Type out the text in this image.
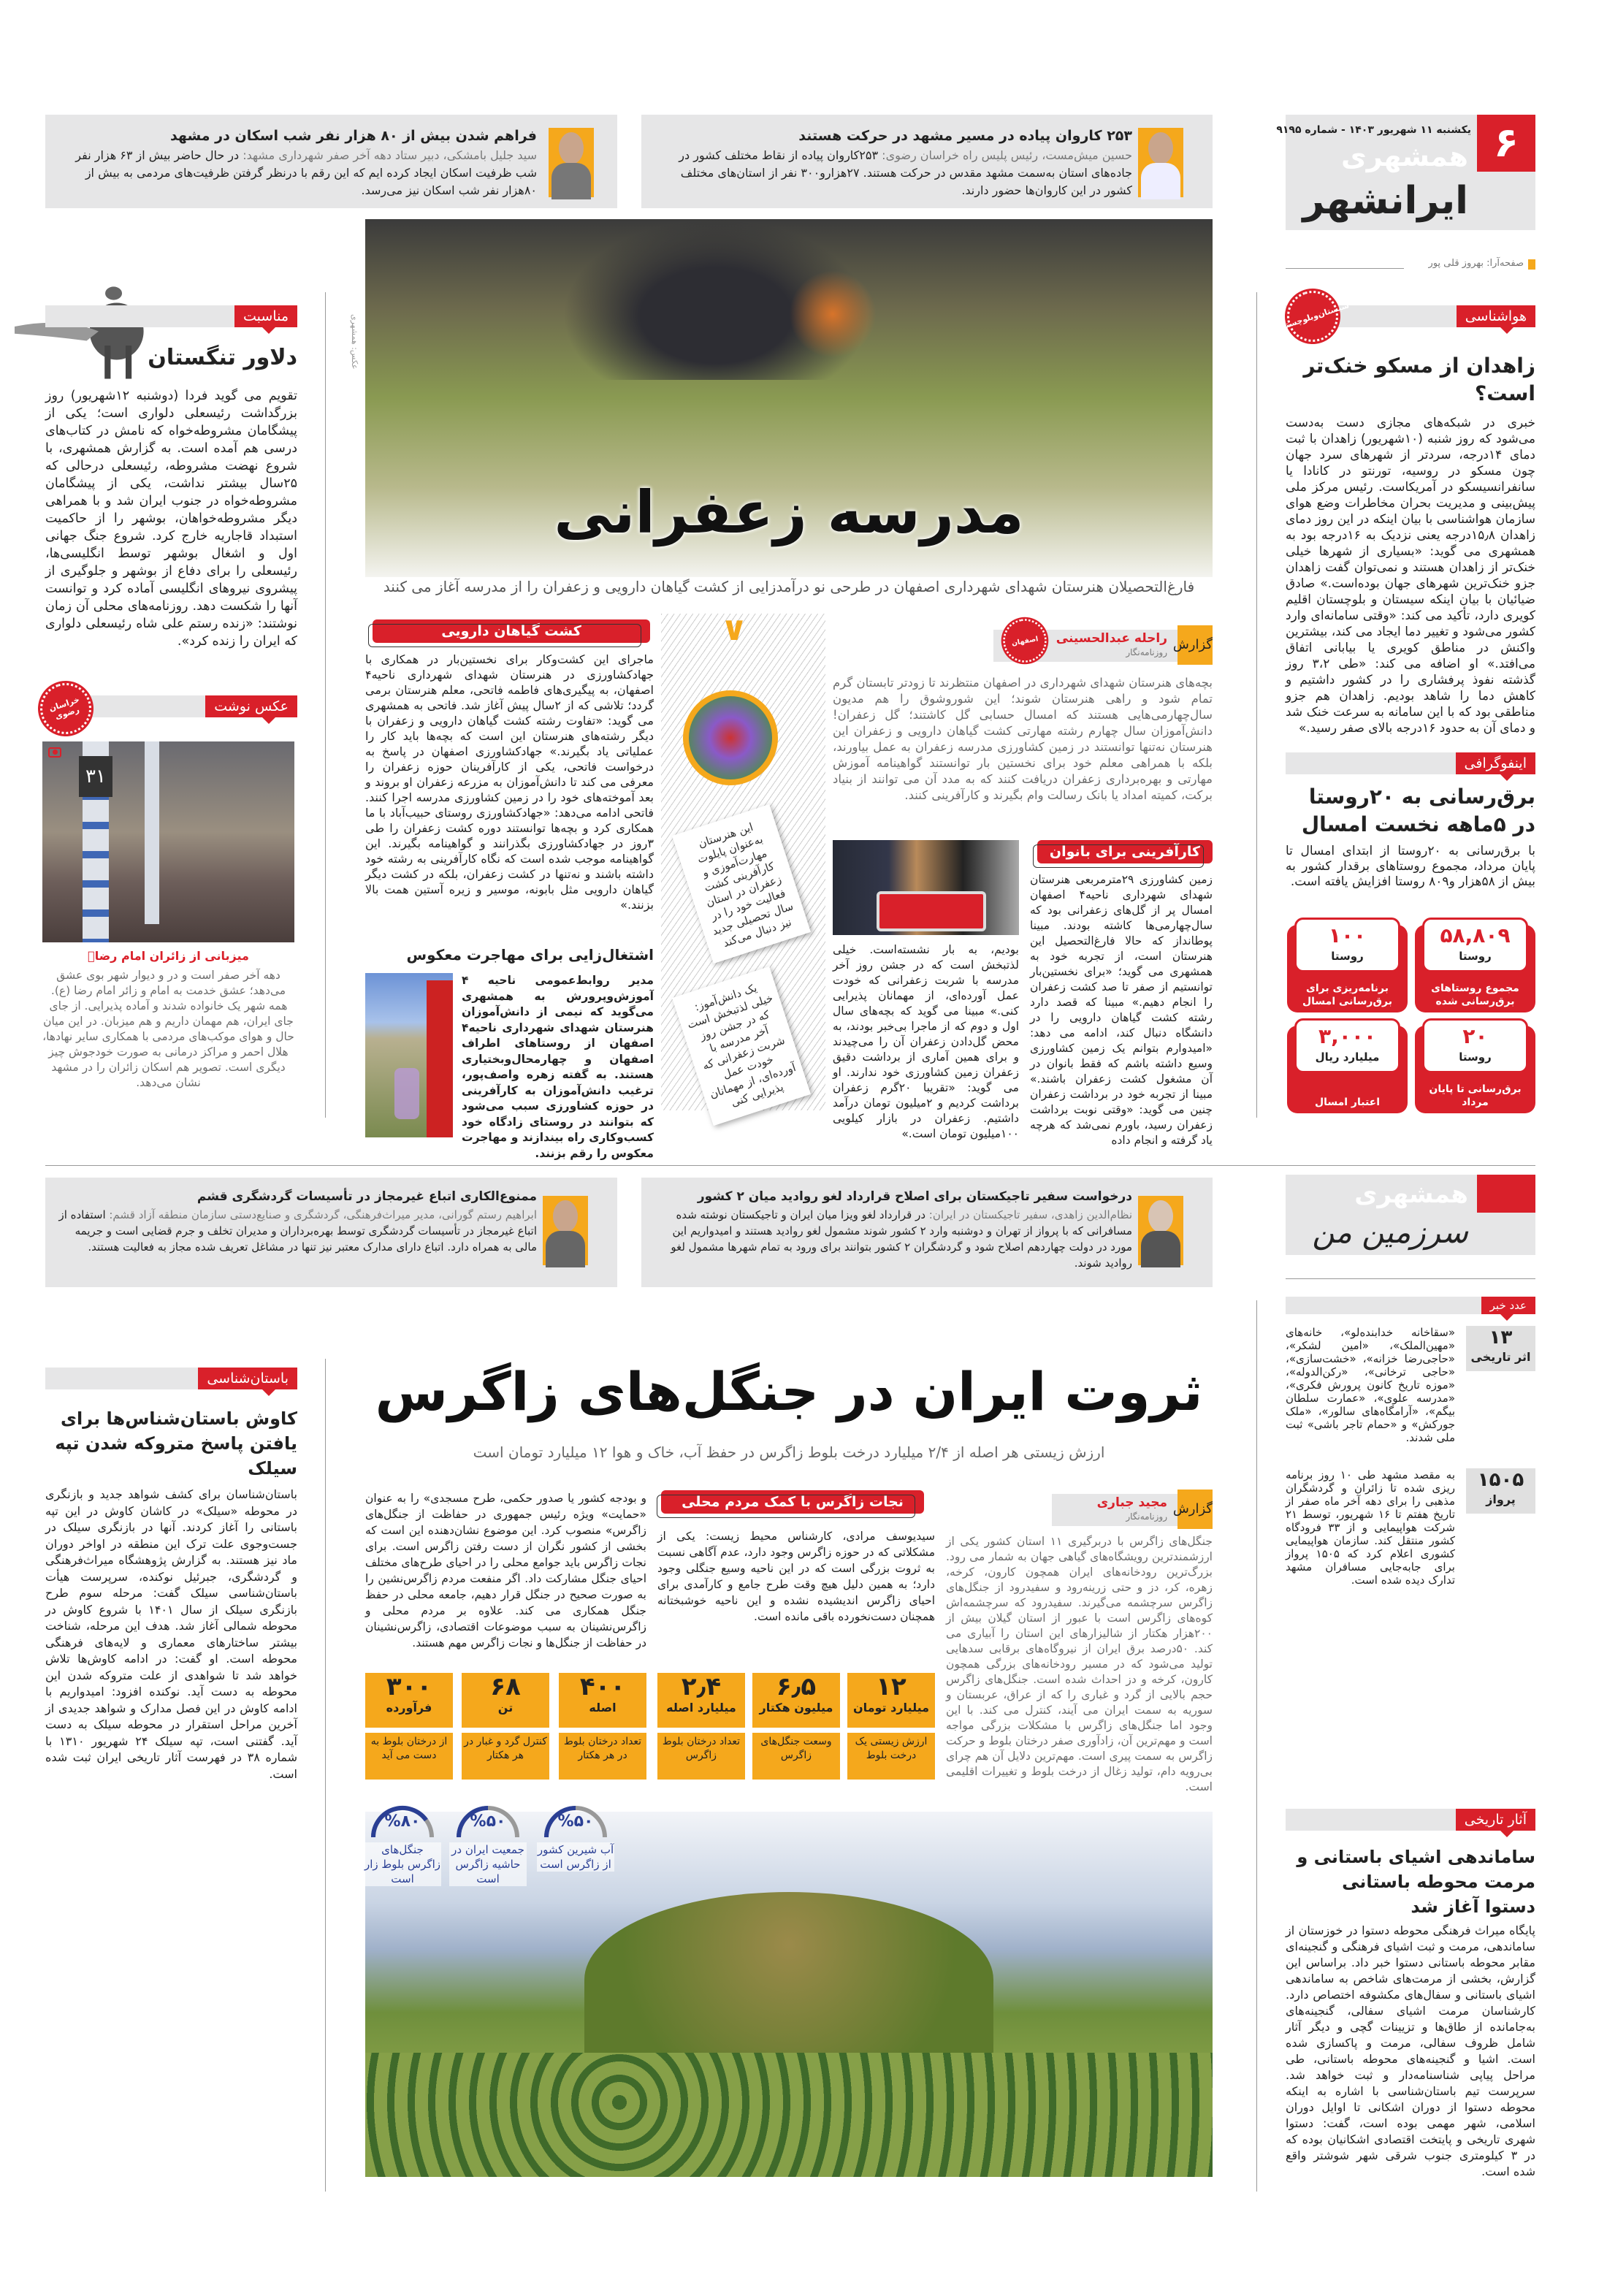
۶
یکشنبه ۱۱ شهریور ۱۴۰۳ - شماره ۹۱۹۵
همشهری
ایرانشهر
صفحه‌آرا: بهروز قلی پور
۲۵۳ کاروان پیاده در مسیر مشهد در حرکت هستند
حسین میش‌مست، رئیس پلیس راه خراسان رضوی: ۲۵۳کاروان پیاده از نقاط مختلف کشور در جاده‌های استان به‌سمت مشهد مقدس در حرکت هستند. ۲۷هزارو۳۰۰ نفر از استان‌های مختلف کشور در این کاروان‌ها حضور دارند.
فراهم شدن بیش از ۸۰ هزار نفر شب اسکان در مشهد
سید جلیل بامشکی، دبیر ستاد دهه آخر صفر شهرداری مشهد: در حال حاضر بیش از ۶۳ هزار نفر شب ظرفیت اسکان ایجاد کرده ایم که این رقم با درنظر گرفتن ظرفیت‌های مردمی به بیش از ۸۰هزار نفر شب اسکان نیز می‌رسد.
هواشناسی
سیستان‌وبلوچستان
زاهدان از مسکو خنک‌تر است؟
خبری در شبکه‌های مجازی دست به‌دست می‌شود که روز شنبه (۱۰شهریور) زاهدان با ثبت دمای ۱۴درجه، سردتر از شهرهای سرد جهان چون مسکو در روسیه، تورنتو در کانادا یا سانفرانسیسکو در آمریکاست. رئیس مرکز ملی پیش‌بینی و مدیریت بحران مخاطرات وضع هوای سازمان هواشناسی با بیان اینکه در این روز دمای زاهدان ۱۵٫۸درجه یعنی نزدیک به ۱۶درجه بود به همشهری می گوید: «بسیاری از شهرها خیلی خنک‌تر از زاهدان هستند و نمی‌توان گفت زاهدان جزو خنک‌ترین شهرهای جهان بوده‌است.» صادق ضیائیان با بیان اینکه سیستان و بلوچستان اقلیم کویری دارد، تأکید می کند: «وقتی سامانه‌ای وارد کشور می‌شود و تغییر دما ایجاد می کند، بیشترین واکنش در مناطق کویری یا بیابانی اتفاق می‌افتد.» او اضافه می کند: «طی ۳،۲ روز گذشته نفوذ پرفشاری را در کشور داشتیم و کاهش دما را شاهد بودیم. زاهدان هم جزو مناطقی بود که با این سامانه به سرعت خنک شد و دمای آن به حدود ۱۶درجه بالای صفر رسید.»
اینفوگرافی
برق‌رسانی به ۲۰روستا در ۵ماهه نخست امسال
با برق‌رسانی به ۲۰روستا از ابتدای امسال تا پایان مرداد، مجموع روستاهای برقدار کشور به بیش از ۵۸هزار و۸۰۹ روستا افزایش یافته است.
۵۸,۸۰۹
روستا
مجموع روستاهای برق‌رسانی شده
۱۰۰
روستا
برنامه‌ریزی برای برق‌رسانی امسال
۲۰
روستا
برق‌رسانی تا پایان مرداد
۳,۰۰۰
میلیارد ریال
اعتبار امسال
مناسبت
دلاور تنگستان
تقویم می گوید فردا (دوشنبه ۱۲شهریور) روز بزرگداشت رئیسعلی دلواری است؛ یکی از پیشگامان مشروطه‌خواه که نامش در کتاب‌های درسی هم آمده است. به گزارش همشهری، با شروع نهضت مشروطه، رئیسعلی درحالی که ۲۵سال بیشتر نداشت، یکی از پیشگامان مشروطه‌خواه در جنوب ایران شد و با همراهی دیگر مشروطه‌خواهان، بوشهر را از حاکمیت استبداد قاجاریه خارج کرد. شروع جنگ جهانی اول و اشغال بوشهر توسط انگلیسی‌ها، رئیسعلی را برای دفاع از بوشهر و جلوگیری از پیشروی نیروهای انگلیسی آماده کرد و توانست آنها را شکست دهد. روزنامه‌های محلی آن زمان نوشتند: «زنده رستم علی شاه رئیسعلی دلواری که ایران را زنده کرد».
عکس نوشت
خراسان رضوی
۳۱
میزبانی از زائران امام رضاؑ
دهه آخر صفر است و در و دیوار شهر بوی عشق می‌دهد؛ عشق خدمت به امام و زائر امام رضا (ع). همه شهر یک خانواده شدند و آماده پذیرایی. از جای جای ایران، هم مهمان داریم و هم میزبان. در این میان حال و هوای موکب‌های مردمی با همکاری سایر نهادها، هلال احمر و مراکز درمانی به صورت خودجوش چیز دیگری است. تصویر هم اسکان زائران را در مشهد نشان می‌دهد.
عکس: همشهری
مدرسه زعفرانی
فارغ‌التحصیلان هنرستان شهدای شهرداری اصفهان در طرحی نو درآمدزایی از کشت گیاهان دارویی و زعفران را از مدرسه آغاز می کنند
گزارش
راحله عبدالحسینی
روزنامه‌نگار
اصفهان
بچه‌های هنرستان شهدای شهرداری در اصفهان منتظرند تا زودتر تابستان گرم تمام شود و راهی هنرستان شوند؛ این شوروشوق را هم مدیون سال‌چهارمی‌هایی هستند که امسال حسابی گل کاشتند؛ گل زعفران! دانش‌آموزان سال چهارم رشته مهارتی کشت گیاهان دارویی و زعفران این هنرستان نه‌تنها توانستند در زمین کشاورزی مدرسه زعفران به عمل بیاورند، بلکه با همراهی معلم خود برای نخستین بار توانستند گواهینامه آموزش مهارتی و بهره‌برداری زعفران دریافت کنند که به مدد آن می توانند از بنیاد برکت، کمیته امداد یا بانک رسالت وام بگیرند و کارآفرینی کنند.
کشت گیاهان دارویی
ماجرای این کشت‌وکار برای نخستین‌بار در همکاری با جهادکشاورزی در هنرستان شهدای شهرداری ناحیه۴ اصفهان، به پیگیری‌های فاطمه فاتحی، معلم هنرستان برمی گردد؛ تلاشی که از ۲سال پیش آغاز شد. فاتحی به همشهری می گوید: «تفاوت رشته کشت گیاهان دارویی و زعفران با دیگر رشته‌های هنرستان این است که بچه‌ها باید کار را عملیاتی یاد بگیرند.» جهادکشاورزی اصفهان در پاسخ به درخواست فاتحی، یکی از کارآفرینان حوزه زعفران را معرفی می کند تا دانش‌آموزان به مزرعه زعفران او بروند و بعد آموخته‌های خود را در زمین کشاورزی مدرسه اجرا کنند. فاتحی ادامه می‌دهد: «جهادکشاورزی روستای حبیب‌آباد با ما همکاری کرد و بچه‌ها توانستند دوره کشت زعفران را طی ۳روز در جهادکشاورزی بگذرانند و گواهینامه بگیرند. این گواهینامه موجب شده است که نگاه کارآفرینی به رشته خود داشته باشند و نه‌تنها در کشت زعفران، بلکه در کشت دیگر گیاهان دارویی مثل بابونه، موسیر و زیره آستین همت بالا بزنند.»
اشتغال‌زایی برای مهاجرت معکوس
مدیر روابط‌عمومی ناحیه ۴ آموزش‌وپرورش به همشهری می‌گوید که نیمی از دانش‌آموزان هنرستان شهدای شهرداری ناحیه۴ اصفهان از روستاهای اطراف اصفهان و چهارمحال‌وبختیاری هستند. به گفته زهره واصف‌پور، ترغیب دانش‌آموزان به کارآفرینی در حوزه کشاورزی سبب می‌شود که بتوانند در روستای زادگاه خود کسب‌وکاری راه بیندازند و مهاجرت معکوس را رقم بزنند.
∨
این هنرستان به‌عنوان پایلوت مهارت‌آموزی و کارآفرینی کشت زعفران در استان فعالیت خود را در سال تحصیلی جدید نیز دنبال می‌کند
یک دانش‌آموز: خیلی لذتبخش است که در جشن روز آخر مدرسه با شربت زعفرانی که خودت عمل آورده‌ای، از مهمانان پذیرایی کنی
بودیم، به بار نشسته‌است. خیلی لذتبخش است که در جشن روز آخر مدرسه با شربت زعفرانی که خودت عمل آورده‌ای، از مهمانان پذیرایی کنی.» مبینا می گوید که بچه‌های سال اول و دوم که از ماجرا بی‌خبر بودند، به محض گل‌دادن زعفران آن را می‌چیدند و برای همین آماری از برداشت دقیق زعفران زمین کشاورزی خود ندارند. او می گوید: «تقریبا ۲۰گرم زعفران برداشت کردیم و ۲میلیون تومان درآمد داشتیم. زعفران در بازار کیلویی ۱۰۰میلیون تومان است.»
کارآفرینی برای بانوان
زمین کشاورزی ۲۹مترمربعی هنرستان شهدای شهرداری ناحیه۴ اصفهان امسال پر از گل‌های زعفرانی بود که سال‌چهارمی‌ها کاشته بودند. مبینا پوطانداز که حالا فارغ‌التحصیل این هنرستان است، از تجربه خود به همشهری می گوید؛ «برای نخستین‌بار توانستیم از صفر تا صد کشت زعفران را انجام دهیم.» مبینا که قصد دارد رشته کشت گیاهان دارویی را در دانشگاه دنبال کند، ادامه می دهد: «امیدوارم بتوانم یک زمین کشاورزی وسیع داشته باشم که فقط بانوان در آن مشغول کشت زعفران باشند.» مبینا از تجربه خود در برداشت زعفران چنین می گوید: «وقتی نوبت برداشت زعفران رسید، باورم نمی‌شد که هرچه یاد گرفته و انجام داده
همشهری
سرزمین من
درخواست سفیر تاجیکستان برای اصلاح قرارداد لغو روادید میان ۲ کشور
نظام‌الدین زاهدی، سفیر تاجیکستان در ایران: در قرارداد لغو ویزا میان ایران و تاجیکستان نوشته شده مسافرانی که با پرواز از تهران و دوشنبه وارد ۲ کشور شوند مشمول لغو روادید هستند و امیدواریم این مورد در دولت چهاردهم اصلاح شود و گردشگران ۲ کشور بتوانند برای ورود به تمام شهرها مشمول لغو روادید شوند.
ممنوع‌الکاری اتباع غیرمجاز در تأسیسات گردشگری قشم
ابراهیم رستم گورانی، مدیر میراث‌فرهنگی، گردشگری و صنایع‌دستی سازمان منطقه آزاد قشم: استفاده از اتباع غیرمجاز در تأسیسات گردشگری توسط بهره‌برداران و مدیران تخلف و جرم قضایی است و جریمه مالی به همراه دارد. اتباع دارای مدارک معتبر نیز تنها در مشاغل تعریف شده مجاز به فعالیت هستند.
عدد خبر
۱۳
اثر تاریخی
«سقاخانه خدابنده‌لو»، خانه‌های «مهین‌الملک»، «امین لشکر»، «حاجی‌رضا خزانه»، «خشت‌سازی»، «حاجی ترخانی»، «رکن‌الدوله»، «موزه تاریخ کانون پرورش فکری»، «مدرسه علوی»، «عمارت سلطان بیگم»، «آرامگاه‌های سالور»، «ملک جورکش» و «حمام تاجر باشی» ثبت ملی شدند.
۱۵۰۵
پرواز
به مقصد مشهد طی ۱۰ روز برنامه ریزی شده تا زائران و گردشگران مذهبی را برای دهه آخر ماه صفر از تاریخ هفتم تا ۱۶ شهریور، توسط ۲۱ شرکت هواپیمایی و از ۳۳ فرودگاه کشور منتقل کند. سازمان هواپیمایی کشوری اعلام کرد که ۱۵۰۵ پرواز برای جابه‌جایی مسافران مشهد تدارک دیده شده است.
آثار تاریخی
ساماندهی اشیای باستانی و مرمت محوطه باستانی دستوا آغاز شد
پایگاه میراث فرهنگی محوطه دستوا در خوزستان از ساماندهی، مرمت و ثبت اشیای فرهنگی و گنجینه‌ای مقابر محوطه باستانی دستوا خبر داد. براساس این گزارش، بخشی از مرمت‌های شاخص به ساماندهی اشیای باستانی و سفال‌های مکشوفه اختصاص دارد. کارشناسان مرمت اشیای سفالی، گنجینه‌های به‌جامانده از طاق‌ها و تزیینات گچی و دیگر آثار شامل ظروف سفالی، مرمت و پاکسازی شده است. اشیا و گنجینه‌های محوطه باستانی، طی مراحل پیاپی شناسنامه‌دار و ثبت خواهد شد. سرپرست تیم باستان‌شناسی با اشاره به اینکه محوطه دستوا از دوران اشکانی تا اوایل دوران اسلامی، شهر مهمی بوده است، گفت: دستوا شهری تاریخی و پایتخت اقتصادی اشکانیان بوده که در ۳ کیلومتری جنوب شرقی شهر شوشتر واقع شده است.
باستان‌شناسی
کاوش باستان‌شناس‌ها برای یافتن پاسخ متروکه شدن تپه سیلک
باستان‌شناسان برای کشف شواهد جدید و بازنگری در محوطه «سیلک» در کاشان کاوش در این تپه باستانی را آغاز کردند. آنها در بازنگری سیلک در جست‌وجوی علت ترک این منطقه در اواخر دوران ماد نیز هستند. به گزارش پژوهشگاه میراث‌فرهنگی و گردشگری، جبرئیل نوکنده، سرپرست هیأت باستان‌شناسی سیلک گفت: مرحله سوم طرح بازنگری سیلک از سال ۱۴۰۱ با شروع کاوش در محوطه شمالی آغاز شد. هدف این مرحله، شناخت بیشتر ساختارهای معماری و لایه‌های فرهنگی محوطه است. او گفت: در ادامه کاوش‌ها تلاش خواهد شد تا شواهدی از علت متروکه شدن این محوطه به دست آید. نوکنده افزود: امیدواریم با ادامه کاوش در این فصل مدارک و شواهد جدیدی از آخرین مراحل استقرار در محوطه سیلک به دست آید. گفتنی است، تپه سیلک ۲۴ شهریور ۱۳۱۰ با شماره ۳۸ در فهرست آثار تاریخی ایران ثبت شده است.
ثروت ایران در جنگل‌های زاگرس
ارزش زیستی هر اصله از ۲/۴ میلیارد درخت بلوط زاگرس در حفظ آب، خاک و هوا ۱۲ میلیارد تومان است
گزارش
مجید جباری
روزنامه‌نگار
جنگل‌های زاگرس با دربرگیری ۱۱ استان کشور یکی از ارزشمندترین رویشگاه‌های گیاهی جهان به شمار می رود. بزرگ‌ترین رودخانه‌های ایران همچون کارون، کرخه، زهره، کر، دز و حتی زرینه‌رود و سفیدرود از جنگل‌های زاگرس سرچشمه می‌گیرند. سفیدرود که سرچشمه‌اش کوه‌های زاگرس است با عبور از استان گیلان بیش از ۲۰۰هزار هکتار از شالیزارهای این استان را آبیاری می کند. ۵۰درصد برق ایران از نیروگاه‌های برقابی سدهایی تولید می‌شود که در مسیر رودخانه‌های بزرگی همچون کارون، کرخه و دز احداث شده است. جنگل‌های زاگرس حجم بالایی از گرد و غباری را که از عراق، عربستان و سوریه به سمت ایران می آیند، کنترل می کند. با این وجود اما جنگل‌های زاگرس با مشکلات بزرگی مواجه است و مهم‌ترین آن، زادآوری صفر درختان بلوط و حرکت زاگرس به سمت پیری است. مهم‌ترین دلایل آن هم چرای بی‌رویه دام، تولید زغال از درخت بلوط و تغییرات اقلیمی است.
نجات زاگرس با کمک مردم محلی
سیدیوسف مرادی، کارشناس محیط زیست: یکی از مشکلاتی که در حوزه زاگرس وجود دارد، عدم آگاهی نسبت به ثروت بزرگی است که در این ناحیه وسیع جنگلی وجود دارد؛ به همین دلیل هیچ وقت طرح جامع و کارآمدی برای احیای زاگرس اندیشیده نشده و این ناحیه خوشبختانه همچنان دست‌نخورده باقی مانده است.
و بودجه کشور یا صدور حکمی، طرح مسجدی» را به عنوان «حمایت» ویژه رئیس جمهوری در حفاظت از جنگل‌های زاگرس» منصوب کرد. این موضوع نشان‌دهنده این است که بخشی از کشور نگران از دست رفتن زاگرس است. برای نجات زاگرس باید جوامع محلی را در احیای طرح‌های مختلف احیای جنگل مشارکت داد. اگر منفعت مردم زاگرس‌نشین را به صورت صحیح در جنگل قرار دهیم، جامعه محلی در حفظ جنگل همکاری می کند. علاوه بر مردم محلی و زاگرس‌نشینان به سبب موضوعات اقتصادی، زاگرس‌نشینان در حفاظت از جنگل‌ها و نجات زاگرس مهم هستند.
۱۲
میلیارد تومان
ارزش زیستی یک درخت بلوط
۶٫۵
میلیون هکتار
وسعت جنگل‌های زاگرس
۲٫۴
میلیارد اصله
تعداد درختان بلوط زاگرس
۴۰۰
اصله
تعداد درختان بلوط در هر هکتار
۶۸
تن
کنترل گرد و غبار در هر هکتار
۳۰۰
فرآورده
از درختان بلوط به دست می آید
%۵۰
آب شیرین کشور از زاگرس است
%۵۰
جمعیت ایران در حاشیه زاگرس است
%۸۰
جنگل‌های زاگرس بلوط زار است
